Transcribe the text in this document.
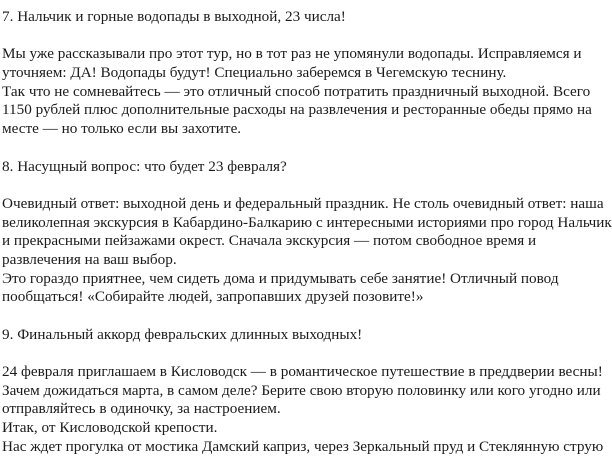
7. Нальчик и горные водопады в выходной, 23 числа!
Мы уже рассказывали про этот тур, но в тот раз не упомянули водопады. Исправляемся и
уточняем: ДА! Водопады будут! Специально заберемся в Чегемскую теснину.
Так что не сомневайтесь — это отличный способ потратить праздничный выходной. Всего
1150 рублей плюс дополнительные расходы на развлечения и ресторанные обеды прямо на
месте — но только если вы захотите.
8. Насущный вопрос: что будет 23 февраля?
Очевидный ответ: выходной день и федеральный праздник. Не столь очевидный ответ: наша
великолепная экскурсия в Кабардино-Балкарию с интересными историями про город Нальчик
и прекрасными пейзажами окрест. Сначала экскурсия — потом свободное время и
развлечения на ваш выбор.
Это гораздо приятнее, чем сидеть дома и придумывать себе занятие! Отличный повод
пообщаться! «Собирайте людей, запропавших друзей позовите!»
9. Финальный аккорд февральских длинных выходных!
24 февраля приглашаем в Кисловодск — в романтическое путешествие в преддверии весны!
Зачем дожидаться марта, в самом деле? Берите свою вторую половинку или кого угодно или
отправляйтесь в одиночку, за настроением.
Итак, от Кисловодской крепости.
Нас ждет прогулка от мостика Дамский каприз, через Зеркальный пруд и Стеклянную струю
